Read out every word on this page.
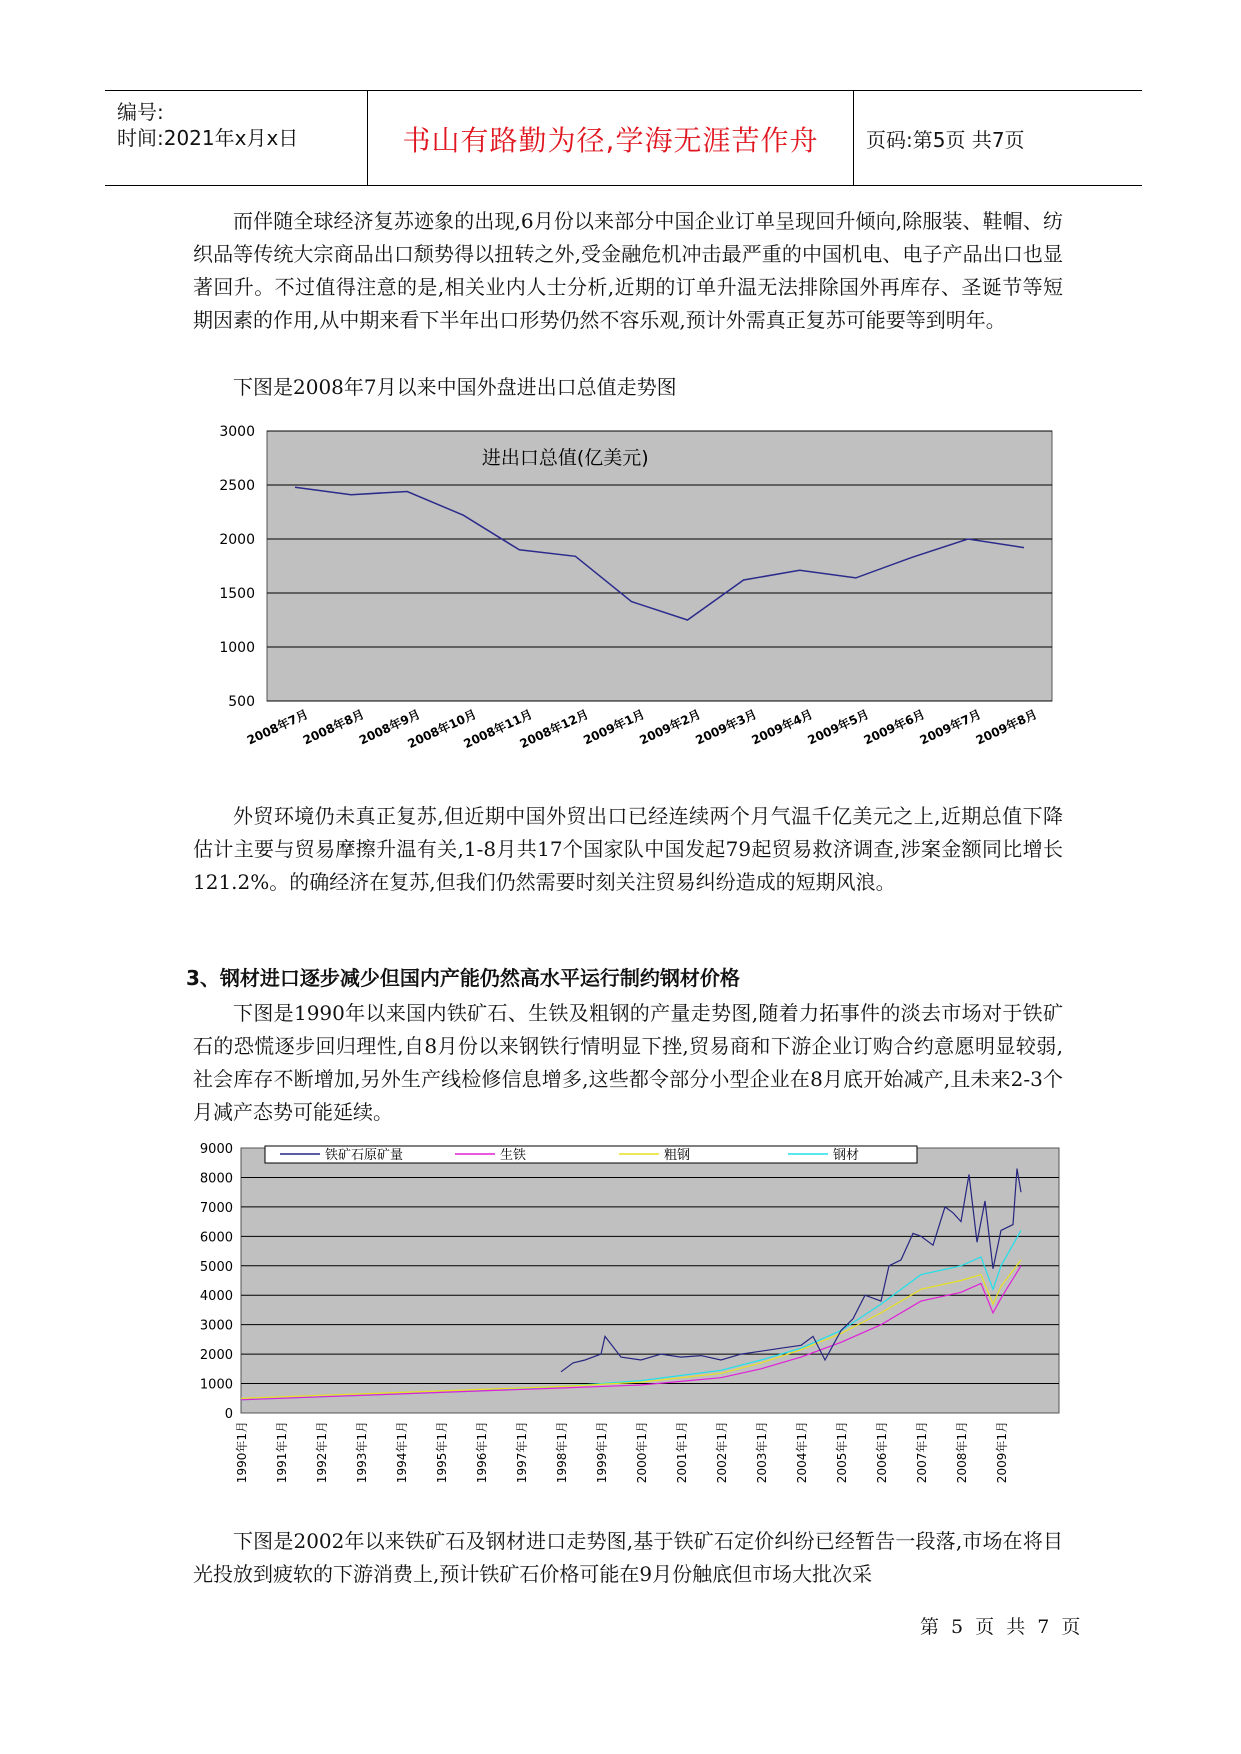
编号:
时间:2021年x月x日	书山有路勤为径,学海无涯苦作舟	页码:第5页 共7页

而伴随全球经济复苏迹象的出现,6月份以来部分中国企业订单呈现回升倾向,除服装、鞋帽、纺织品等传统大宗商品出口颓势得以扭转之外,受金融危机冲击最严重的中国机电、电子产品出口也显著回升。不过值得注意的是,相关业内人士分析,近期的订单升温无法排除国外再库存、圣诞节等短期因素的作用,从中期来看下半年出口形势仍然不容乐观,预计外需真正复苏可能要等到明年。

下图是2008年7月以来中国外盘进出口总值走势图

500
1000
1500
2000
2500
3000
进出口总值(亿美元)
2008年7月
2008年8月
2008年9月
2008年10月
2008年11月
2008年12月
2009年1月
2009年2月
2009年3月
2009年4月
2009年5月
2009年6月
2009年7月
2009年8月

外贸环境仍未真正复苏,但近期中国外贸出口已经连续两个月气温千亿美元之上,近期总值下降估计主要与贸易摩擦升温有关,1-8月共17个国家队中国发起79起贸易救济调查,涉案金额同比增长121.2%。的确经济在复苏,但我们仍然需要时刻关注贸易纠纷造成的短期风浪。

3、钢材进口逐步减少但国内产能仍然高水平运行制约钢材价格

下图是1990年以来国内铁矿石、生铁及粗钢的产量走势图,随着力拓事件的淡去市场对于铁矿石的恐慌逐步回归理性,自8月份以来钢铁行情明显下挫,贸易商和下游企业订购合约意愿明显较弱,社会库存不断增加,另外生产线检修信息增多,这些都令部分小型企业在8月底开始减产,且未来2-3个月减产态势可能延续。

0
1000
2000
3000
4000
5000
6000
7000
8000
9000	铁矿石原矿量	生铁	粗钢	钢材
1990年1月 1991年1月 1992年1月 1993年1月 1994年1月 1995年1月 1996年1月 1997年1月 1998年1月 1999年1月 2000年1月 2001年1月 2002年1月 2003年1月 2004年1月 2005年1月 2006年1月 2007年1月 2008年1月 2009年1月

下图是2002年以来铁矿石及钢材进口走势图,基于铁矿石定价纠纷已经暂告一段落,市场在将目光投放到疲软的下游消费上,预计铁矿石价格可能在9月份触底但市场大批次采

第 5 页 共 7 页
